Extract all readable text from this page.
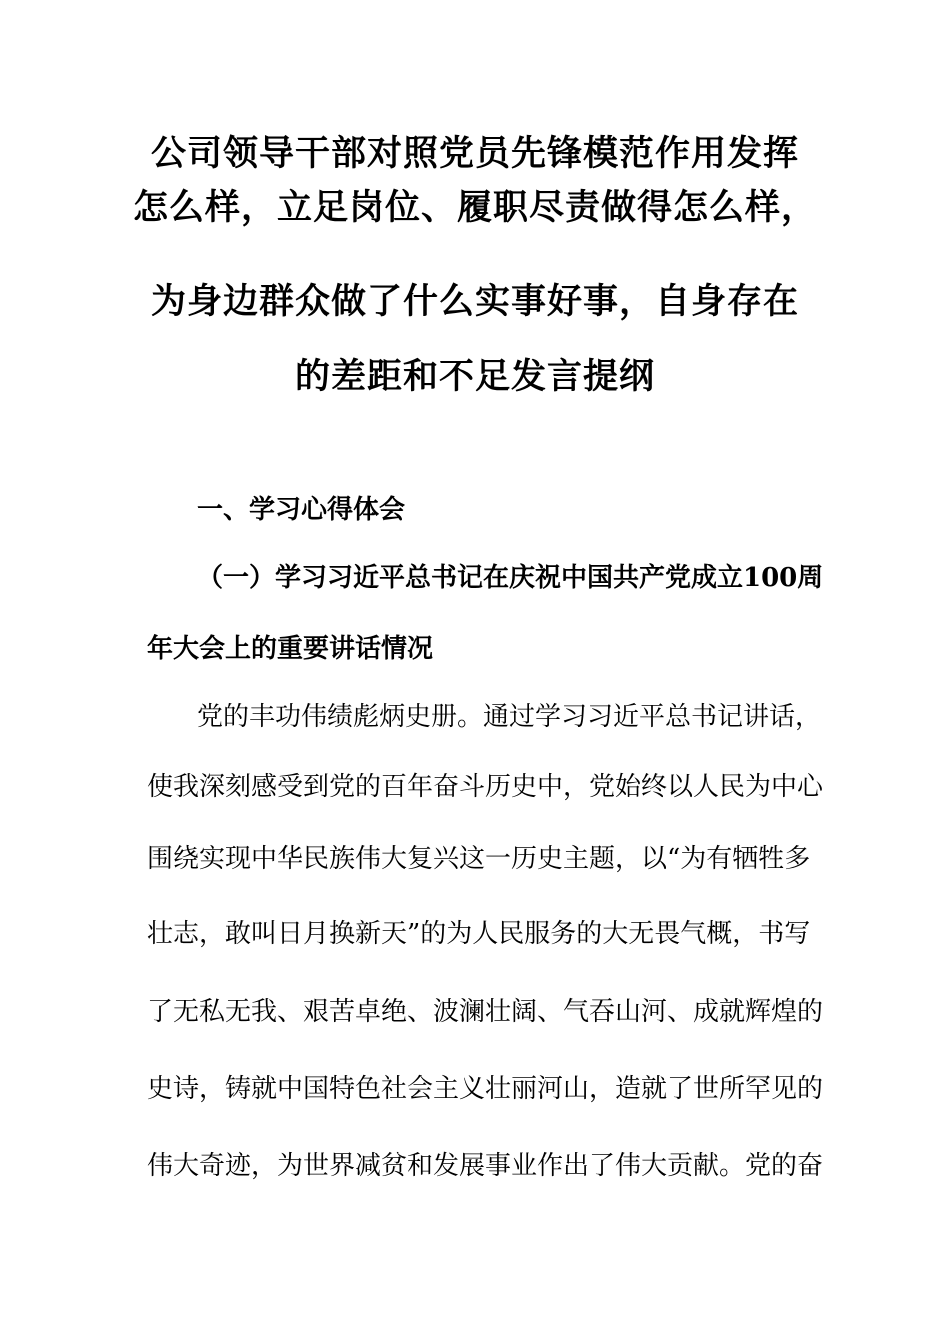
公司领导干部对照党员先锋模范作用发挥
怎么样，立足岗位、履职尽责做得怎么样，
为身边群众做了什么实事好事，自身存在
的差距和不足发言提纲
一、学习心得体会
（一）学习习近平总书记在庆祝中国共产党成立100周
年大会上的重要讲话情况
党的丰功伟绩彪炳史册。通过学习习近平总书记讲话，
使我深刻感受到党的百年奋斗历史中，党始终以人民为中心
围绕实现中华民族伟大复兴这一历史主题，以“为有牺牲多
壮志，敢叫日月换新天”的为人民服务的大无畏气概，书写
了无私无我、艰苦卓绝、波澜壮阔、气吞山河、成就辉煌的
史诗，铸就中国特色社会主义壮丽河山，造就了世所罕见的
伟大奇迹，为世界减贫和发展事业作出了伟大贡献。党的奋
